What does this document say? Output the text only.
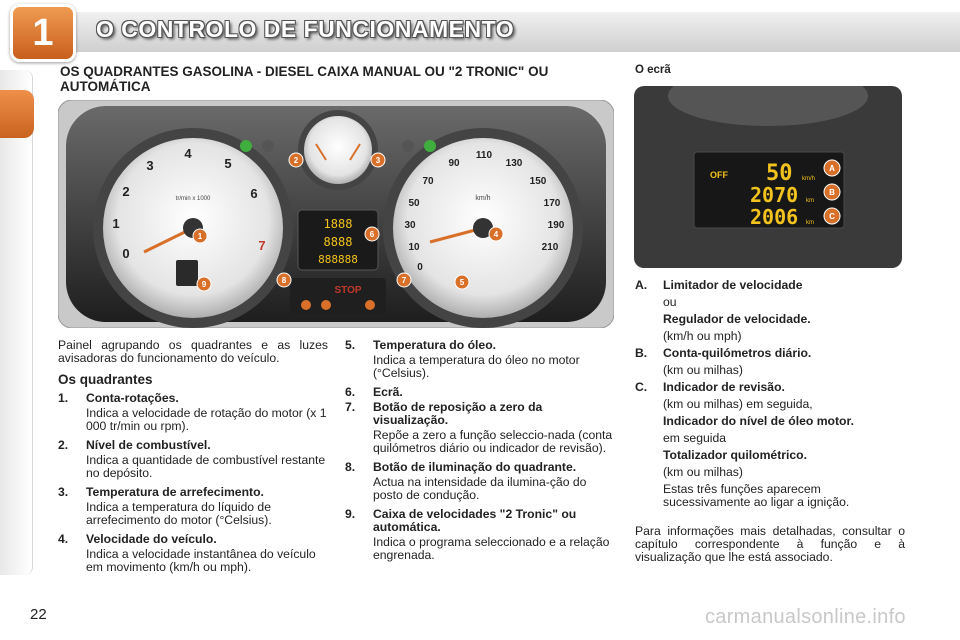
1 O CONTROLO DE FUNCIONAMENTO
OS QUADRANTES GASOLINA - DIESEL CAIXA MANUAL OU "2 TRONIC" OU AUTOMÁTICA
O ecrã
0
1
2
3
4
5
6
7
tr/min x 1000
0
10
30
50
70
90
110
130
150
170
190
210
km/h
1888
8888
888888
STOP
1
2	3
4
5
6
7
8
9
OFF 50
2070
2006
km/h
km
km
A
B
C

Painel agrupando os quadrantes e as luzes avisadoras do funcionamento do veículo.

Os quadrantes
1.	Conta-rotações.
Indica a velocidade de rotação do motor (x 1 000 tr/min ou rpm).
2.	Nível de combustível.
Indica a quantidade de combustível restante no depósito.
3.	Temperatura de arrefecimento.
Indica a temperatura do líquido de arrefecimento do motor (°Celsius).
4.	Velocidade do veículo.
Indica a velocidade instantânea do veículo em movimento (km/h ou mph).
5.	Temperatura do óleo.
Indica a temperatura do óleo no motor (°Celsius).
6.	Ecrã.
7.	Botão de reposição a zero da visualização.
Repõe a zero a função seleccio-nada (conta quilómetros diário ou indicador de revisão).
8.	Botão de iluminação do quadrante.
Actua na intensidade da ilumina-ção do posto de condução.
9.	Caixa de velocidades "2 Tronic" ou automática.
Indica o programa seleccionado e a relação engrenada.
A.	Limitador de velocidade
ou
Regulador de velocidade.
(km/h ou mph)
B.	Conta-quilómetros diário.
(km ou milhas)
C.	Indicador de revisão.
(km ou milhas) em seguida,
Indicador do nível de óleo motor.
em seguida
Totalizador quilométrico.
(km ou milhas)
Estas três funções aparecem sucessivamente ao ligar a ignição.

Para informações mais detalhadas, consultar o capítulo correspondente à função e à visualização que lhe está associado.

22	carmanualsonline.info
